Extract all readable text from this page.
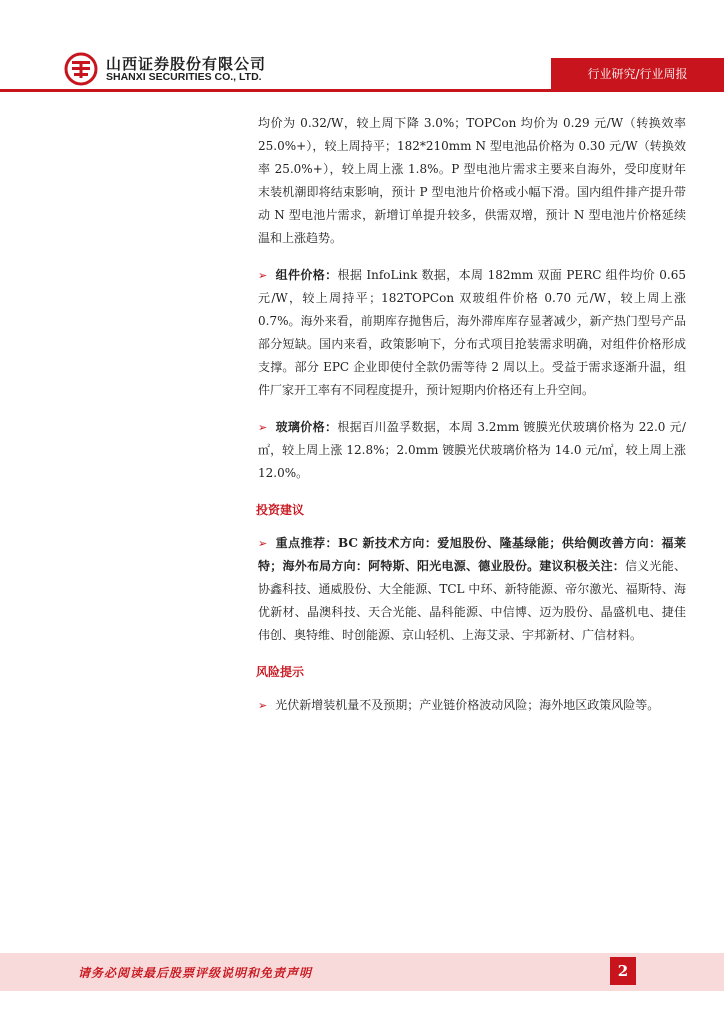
山西证券股份有限公司
SHANXI SECURITIES CO., LTD.	行业研究/行业周报

均价为 0.32/W，较上周下降 3.0%；TOPCon 均价为 0.29 元/W（转换效率 25.0%+），较上周持平；182*210mm N 型电池品价格为 0.30 元/W（转换效率 25.0%+），较上周上涨 1.8%。P 型电池片需求主要来自海外，受印度财年末装机潮即将结束影响，预计 P 型电池片价格或小幅下滑。国内组件排产提升带动 N 型电池片需求，新增订单提升较多，供需双增，预计 N 型电池片价格延续温和上涨趋势。

➢ 组件价格：根据 InfoLink 数据，本周 182mm 双面 PERC 组件均价 0.65 元/W，较上周持平；182TOPCon 双玻组件价格 0.70 元/W，较上周上涨 0.7%。海外来看，前期库存抛售后，海外滞库库存显著减少，新产热门型号产品部分短缺。国内来看，政策影响下，分布式项目抢装需求明确，对组件价格形成支撑。部分 EPC 企业即使付全款仍需等待 2 周以上。受益于需求逐渐升温，组件厂家开工率有不同程度提升，预计短期内价格还有上升空间。

➢ 玻璃价格：根据百川盈孚数据，本周 3.2mm 镀膜光伏玻璃价格为 22.0 元/㎡，较上周上涨 12.8%；2.0mm 镀膜光伏玻璃价格为 14.0 元/㎡，较上周上涨 12.0%。

投资建议

➢ 重点推荐：BC 新技术方向：爱旭股份、隆基绿能；供给侧改善方向：福莱特；海外布局方向：阿特斯、阳光电源、德业股份。建议积极关注：信义光能、协鑫科技、通威股份、大全能源、TCL 中环、新特能源、帝尔激光、福斯特、海优新材、晶澳科技、天合光能、晶科能源、中信博、迈为股份、晶盛机电、捷佳伟创、奥特维、时创能源、京山轻机、上海艾录、宇邦新材、广信材料。

风险提示

➢ 光伏新增装机量不及预期；产业链价格波动风险；海外地区政策风险等。

请务必阅读最后股票评级说明和免责声明	2
